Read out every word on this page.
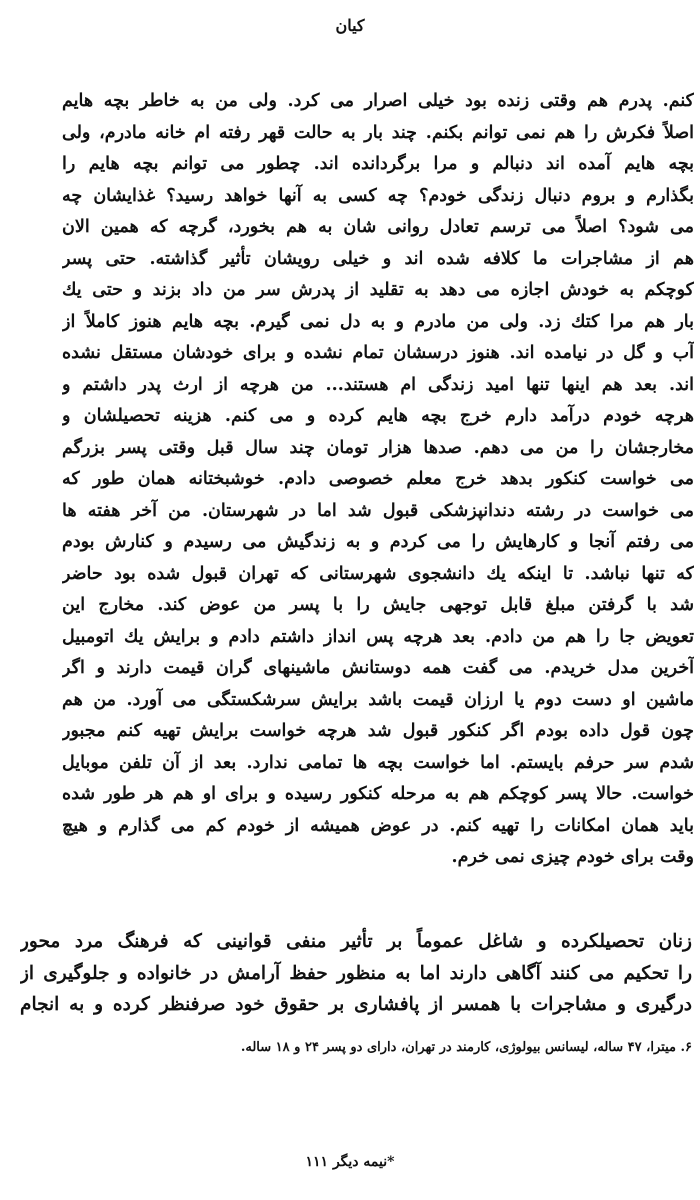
کیان
کنم. پدرم هم وقتی زنده بود خیلی اصرار می کرد. ولی من به خاطر بچه هایم
اصلاً فکرش را هم نمی توانم بکنم. چند بار به حالت قهر رفته ام خانه مادرم، ولی
بچه هایم آمده اند دنبالم و مرا برگردانده اند. چطور می توانم بچه هایم را
بگذارم و بروم دنبال زندگی خودم؟ چه کسی به آنها خواهد رسید؟ غذایشان چه
می شود؟ اصلاً می ترسم تعادل روانی شان به هم بخورد، گرچه که همین الان
هم از مشاجرات ما کلافه شده اند و خیلی رویشان تأثیر گذاشته. حتی پسر
کوچکم به خودش اجازه می دهد به تقلید از پدرش سر من داد بزند و حتی یك
بار هم مرا کتك زد. ولی من مادرم و به دل نمی گیرم. بچه هایم هنوز کاملاً از
آب و گل در نیامده اند. هنوز درسشان تمام نشده و برای خودشان مستقل نشده
اند. بعد هم اینها تنها امید زندگی ام هستند... من هرچه از ارث پدر داشتم و
هرچه خودم درآمد دارم خرج بچه هایم کرده و می کنم. هزینه تحصیلشان و
مخارجشان را من می دهم. صدها هزار تومان چند سال قبل وقتی پسر بزرگم
می خواست کنکور بدهد خرج معلم خصوصی دادم. خوشبختانه همان طور که
می خواست در رشته دندانپزشکی قبول شد اما در شهرستان. من آخر هفته ها
می رفتم آنجا و کارهایش را می کردم و به زندگیش می رسیدم و کنارش بودم
که تنها نباشد. تا اینکه یك دانشجوی شهرستانی که تهران قبول شده بود حاضر
شد با گرفتن مبلغ قابل توجهی جایش را با پسر من عوض کند. مخارج این
تعویض جا را هم من دادم. بعد هرچه پس انداز داشتم دادم و برایش یك اتومبیل
آخرین مدل خریدم. می گفت همه دوستانش ماشینهای گران قیمت دارند و اگر
ماشین او دست دوم یا ارزان قیمت باشد برایش سرشکستگی می آورد. من هم
چون قول داده بودم اگر کنکور قبول شد هرچه خواست برایش تهیه کنم مجبور
شدم سر حرفم بایستم. اما خواست بچه ها تمامی ندارد. بعد از آن تلفن موبایل
خواست. حالا پسر کوچکم هم به مرحله کنکور رسیده و برای او هم هر طور شده
باید همان امکانات را تهیه کنم. در عوض همیشه از خودم کم می گذارم و هیچ
وقت برای خودم چیزی نمی خرم.
زنان تحصیلکرده و شاغل عموماً بر تأثیر منفی قوانینی که فرهنگ مرد محور
را تحکیم می کنند آگاهی دارند اما به منظور حفظ آرامش در خانواده و جلوگیری از
درگیری و مشاجرات با همسر از پافشاری بر حقوق خود صرفنظر کرده و به انجام
۶. میترا، ۴۷ ساله، لیسانس بیولوژی، کارمند در تهران، دارای دو پسر ۲۴ و ۱۸ ساله.
نیمه دیگر ۱۱۱*
